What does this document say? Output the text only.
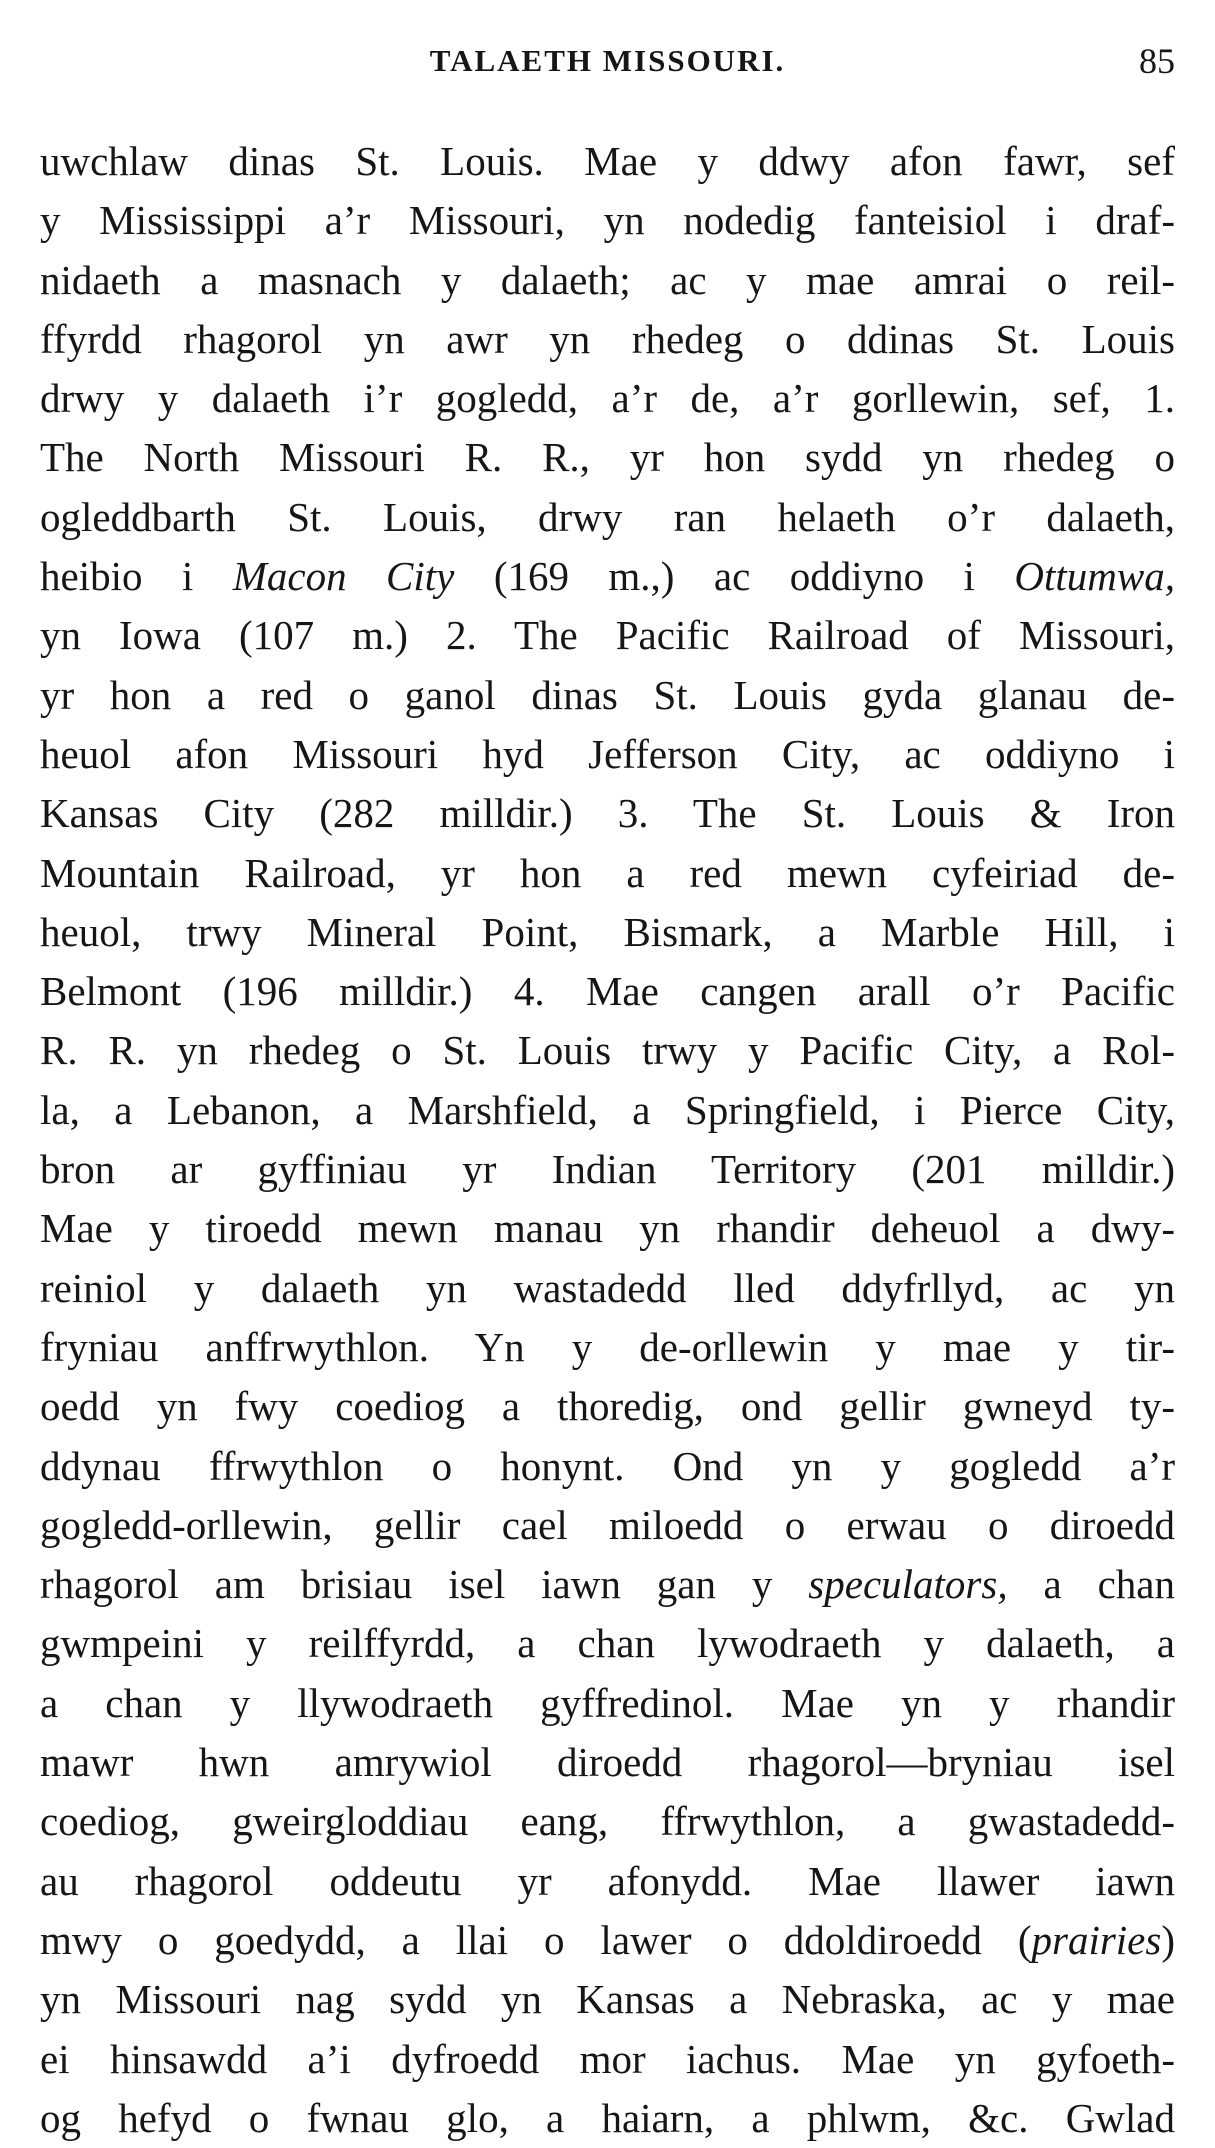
TALAETH MISSOURI.	85
uwchlaw dinas St. Louis. Mae y ddwy afon fawr, sef
y Mississippi a’r Missouri, yn nodedig fanteisiol i draf-
nidaeth a masnach y dalaeth; ac y mae amrai o reil-
ffyrdd rhagorol yn awr yn rhedeg o ddinas St. Louis
drwy y dalaeth i’r gogledd, a’r de, a’r gorllewin, sef, 1.
The North Missouri R. R., yr hon sydd yn rhedeg o
ogleddbarth St. Louis, drwy ran helaeth o’r dalaeth,
heibio i Macon City (169 m.,) ac oddiyno i Ottumwa,
yn Iowa (107 m.) 2. The Pacific Railroad of Missouri,
yr hon a red o ganol dinas St. Louis gyda glanau de-
heuol afon Missouri hyd Jefferson City, ac oddiyno i
Kansas City (282 milldir.) 3. The St. Louis & Iron
Mountain Railroad, yr hon a red mewn cyfeiriad de-
heuol, trwy Mineral Point, Bismark, a Marble Hill, i
Belmont (196 milldir.) 4. Mae cangen arall o’r Pacific
R. R. yn rhedeg o St. Louis trwy y Pacific City, a Rol-
la, a Lebanon, a Marshfield, a Springfield, i Pierce City,
bron ar gyffiniau yr Indian Territory (201 milldir.)
Mae y tiroedd mewn manau yn rhandir deheuol a dwy-
reiniol y dalaeth yn wastadedd lled ddyfrllyd, ac yn
fryniau anffrwythlon. Yn y de-orllewin y mae y tir-
oedd yn fwy coediog a thoredig, ond gellir gwneyd ty-
ddynau ffrwythlon o honynt. Ond yn y gogledd a’r
gogledd-orllewin, gellir cael miloedd o erwau o diroedd
rhagorol am brisiau isel iawn gan y speculators, a chan
gwmpeini y reilffyrdd, a chan lywodraeth y dalaeth, a
a chan y llywodraeth gyffredinol. Mae yn y rhandir
mawr hwn amrywiol diroedd rhagorol—bryniau isel
coediog, gweirgloddiau eang, ffrwythlon, a gwastadedd-
au rhagorol oddeutu yr afonydd. Mae llawer iawn
mwy o goedydd, a llai o lawer o ddoldiroedd (prairies)
yn Missouri nag sydd yn Kansas a Nebraska, ac y mae
ei hinsawdd a’i dyfroedd mor iachus. Mae yn gyfoeth-
og hefyd o fwnau glo, a haiarn, a phlwm, &c. Gwlad
